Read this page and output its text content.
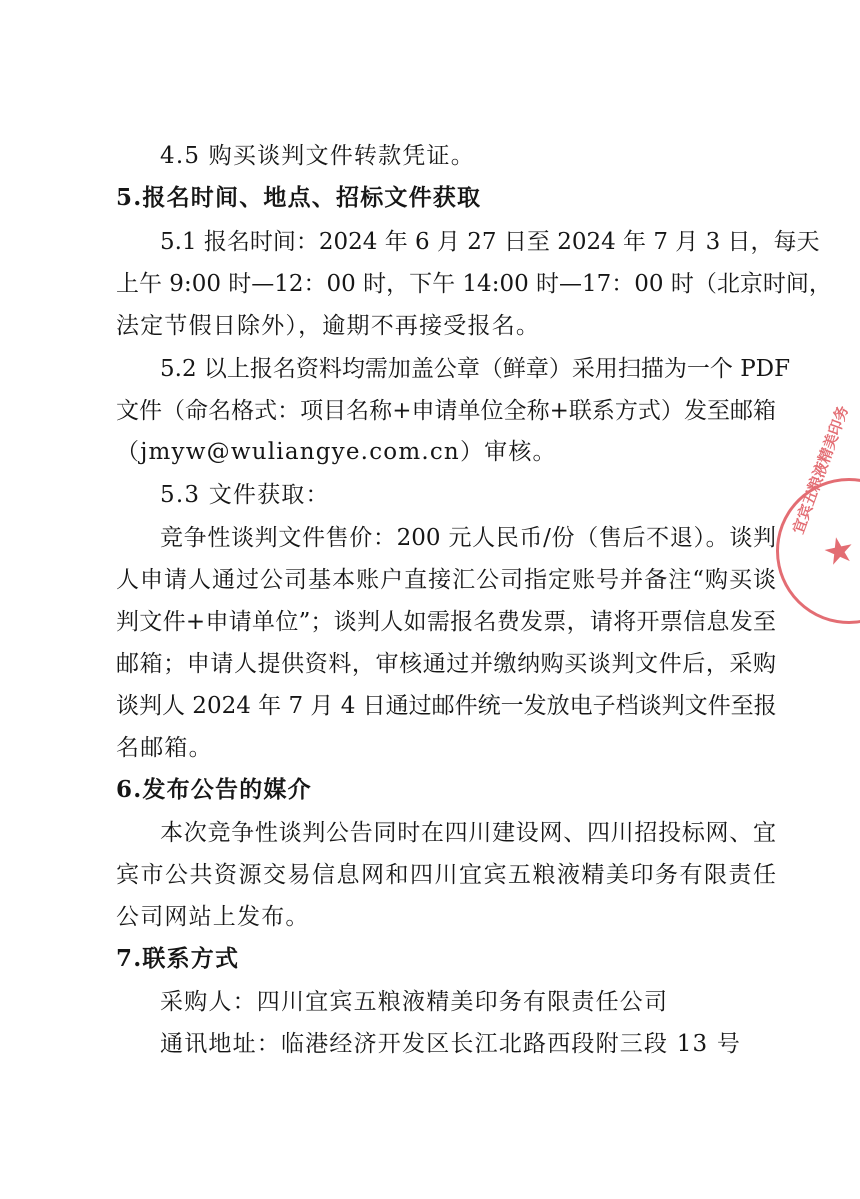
4.5 购买谈判文件转款凭证。
5.报名时间、地点、招标文件获取
5.1 报名时间：2024 年 6 月 27 日至 2024 年 7 月 3 日，每天
上午 9:00 时—12：00 时，下午 14:00 时—17：00 时（北京时间，
法定节假日除外），逾期不再接受报名。
5.2 以上报名资料均需加盖公章（鲜章）采用扫描为一个 PDF
文件（命名格式：项目名称+申请单位全称+联系方式）发至邮箱
（jmyw@wuliangye.com.cn）审核。
5.3 文件获取：
竞争性谈判文件售价：200 元人民币/份（售后不退）。谈判
人申请人通过公司基本账户直接汇公司指定账号并备注“购买谈
判文件+申请单位”；谈判人如需报名费发票，请将开票信息发至
邮箱；申请人提供资料，审核通过并缴纳购买谈判文件后，采购
谈判人 2024 年 7 月 4 日通过邮件统一发放电子档谈判文件至报
名邮箱。
6.发布公告的媒介
本次竞争性谈判公告同时在四川建设网、四川招投标网、宜
宾市公共资源交易信息网和四川宜宾五粮液精美印务有限责任
公司网站上发布。
7.联系方式
采购人：四川宜宾五粮液精美印务有限责任公司
通讯地址：临港经济开发区长江北路西段附三段 13 号
宜宾五粮液精美印务
★
